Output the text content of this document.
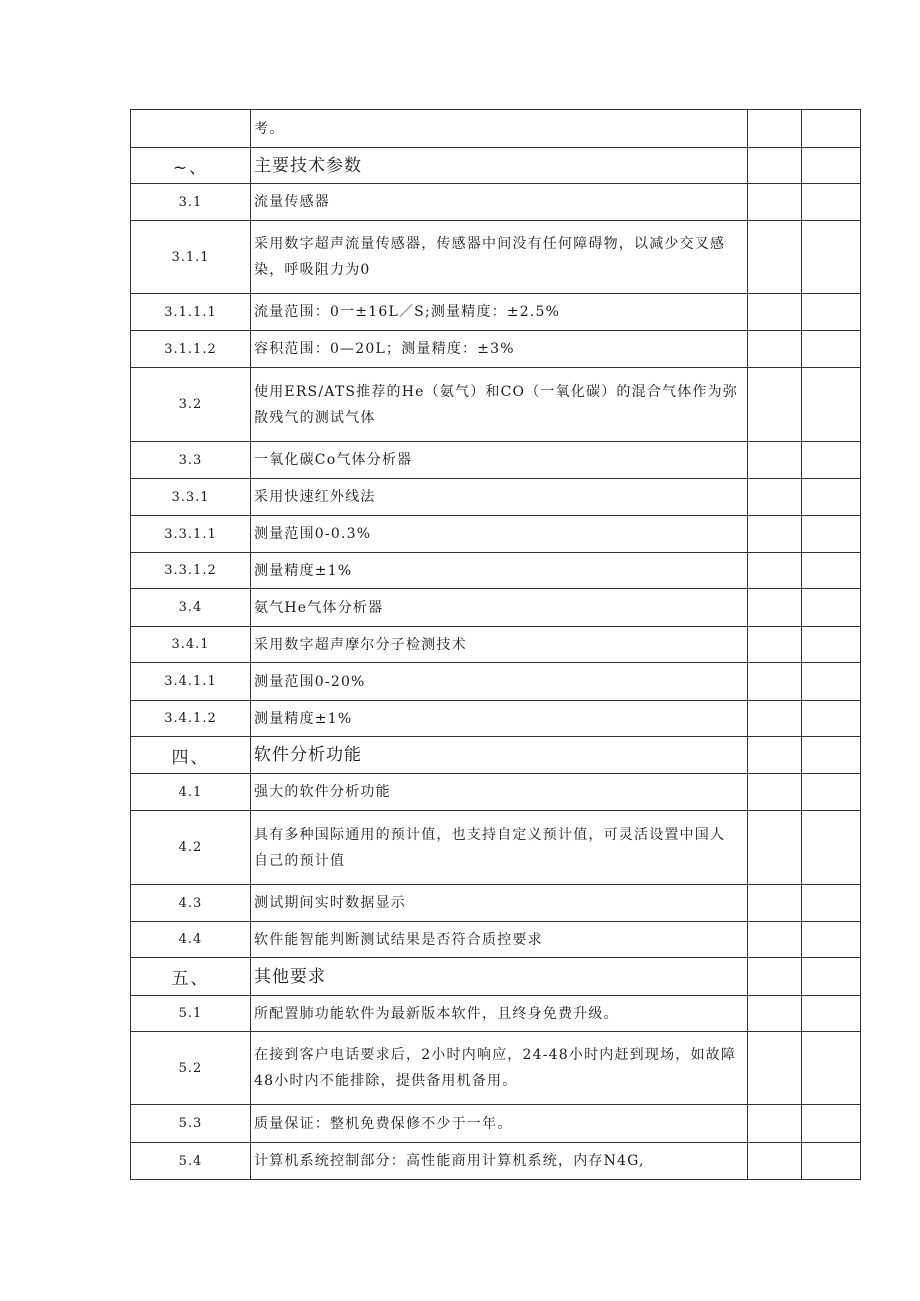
	考。		
~、	主要技术参数		
3.1	流量传感器		
3.1.1	采用数字超声流量传感器，传感器中间没有任何障碍物，以减少交叉感染，呼吸阻力为0		
3.1.1.1	流量范围：0一±16L／S;测量精度：±2.5%		
3.1.1.2	容积范围：0—20L；测量精度：±3%		
3.2	使用ERS/ATS推荐的He（氨气）和CO（一氧化碳）的混合气体作为弥散残气的测试气体		
3.3	一氧化碳Co气体分析器		
3.3.1	采用快速红外线法		
3.3.1.1	测量范围0-0.3%		
3.3.1.2	测量精度±1%		
3.4	氨气He气体分析器		
3.4.1	采用数字超声摩尔分子检测技术		
3.4.1.1	测量范围0-20%		
3.4.1.2	测量精度±1%		
四、	软件分析功能		
4.1	强大的软件分析功能		
4.2	具有多种国际通用的预计值，也支持自定义预计值，可灵活设置中国人自己的预计值		
4.3	测试期间实时数据显示		
4.4	软件能智能判断测试结果是否符合质控要求		
五、	其他要求		
5.1	所配置肺功能软件为最新版本软件，且终身免费升级。		
5.2	在接到客户电话要求后，2小时内响应，24-48小时内赶到现场，如故障48小时内不能排除，提供备用机备用。		
5.3	质量保证：整机免费保修不少于一年。		
5.4	计算机系统控制部分：高性能商用计算机系统，内存N4G,		
